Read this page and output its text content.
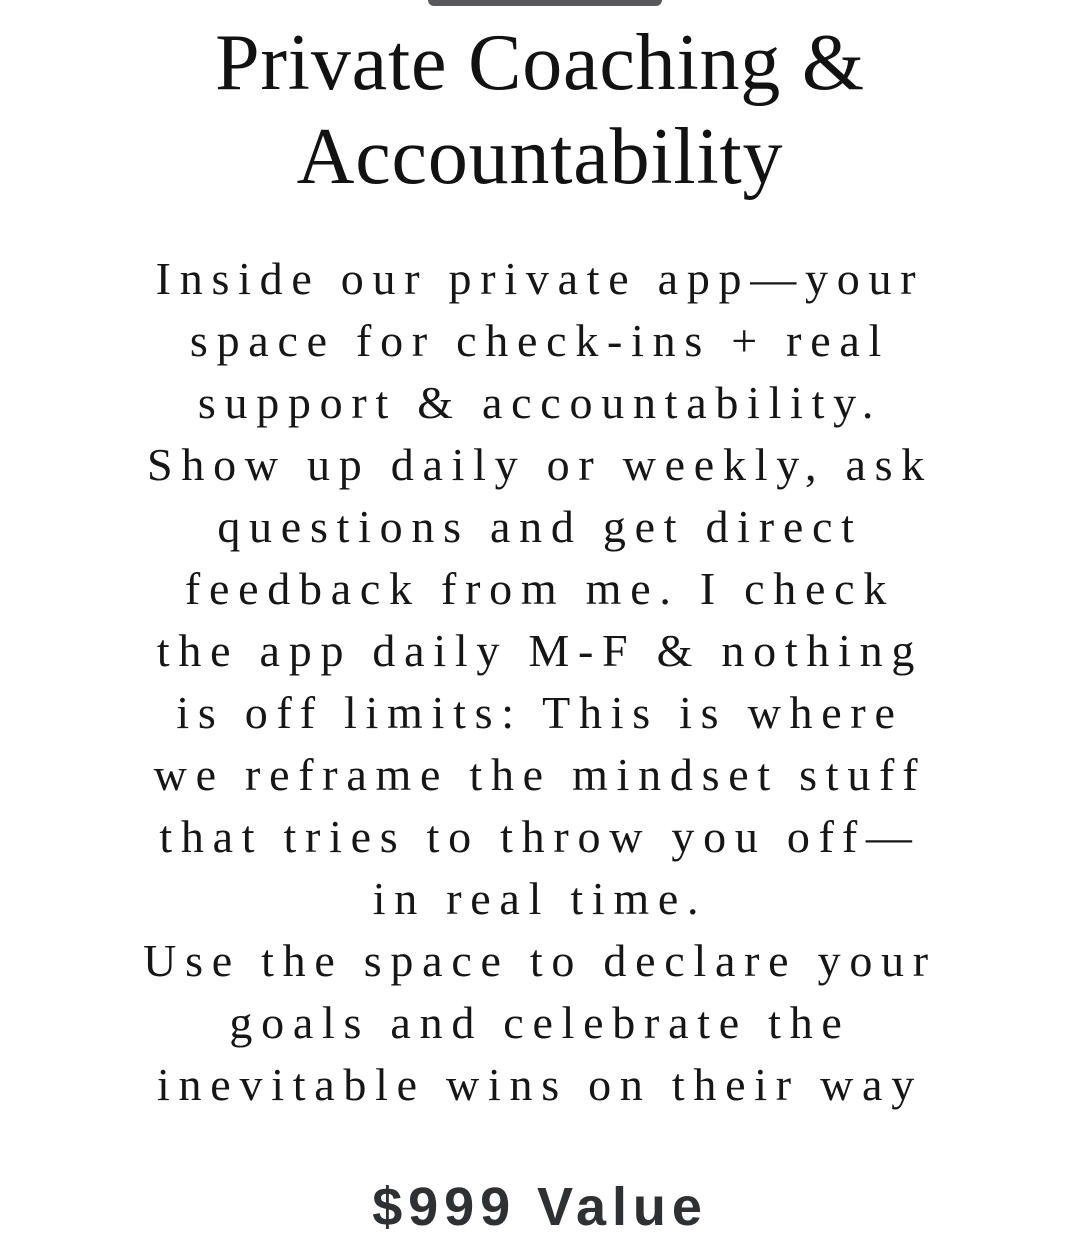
Private Coaching &
Accountability
Inside our private app—your
space for check-ins + real
support & accountability.
Show up daily or weekly, ask
questions and get direct
feedback from me. I check
the app daily M-F & nothing
is off limits: This is where
we reframe the mindset stuff
that tries to throw you off—
in real time.
Use the space to declare your
goals and celebrate the
inevitable wins on their way
$999 Value
